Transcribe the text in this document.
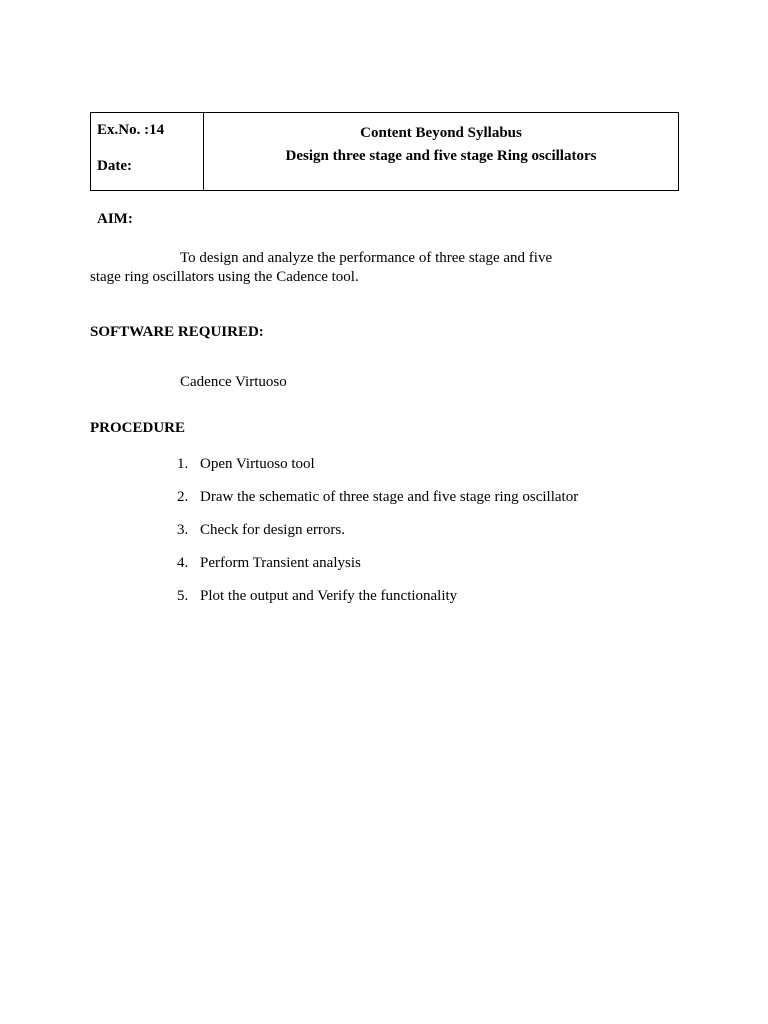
Ex.No. :14
Date:
Content Beyond Syllabus
Design three stage and five stage Ring oscillators
AIM:
To design and analyze the performance of three stage and five
stage ring oscillators using the Cadence tool.
SOFTWARE REQUIRED:
Cadence Virtuoso
PROCEDURE
1. Open Virtuoso tool
2. Draw the schematic of three stage and five stage ring oscillator
3. Check for design errors.
4. Perform Transient analysis
5. Plot the output and Verify the functionality
